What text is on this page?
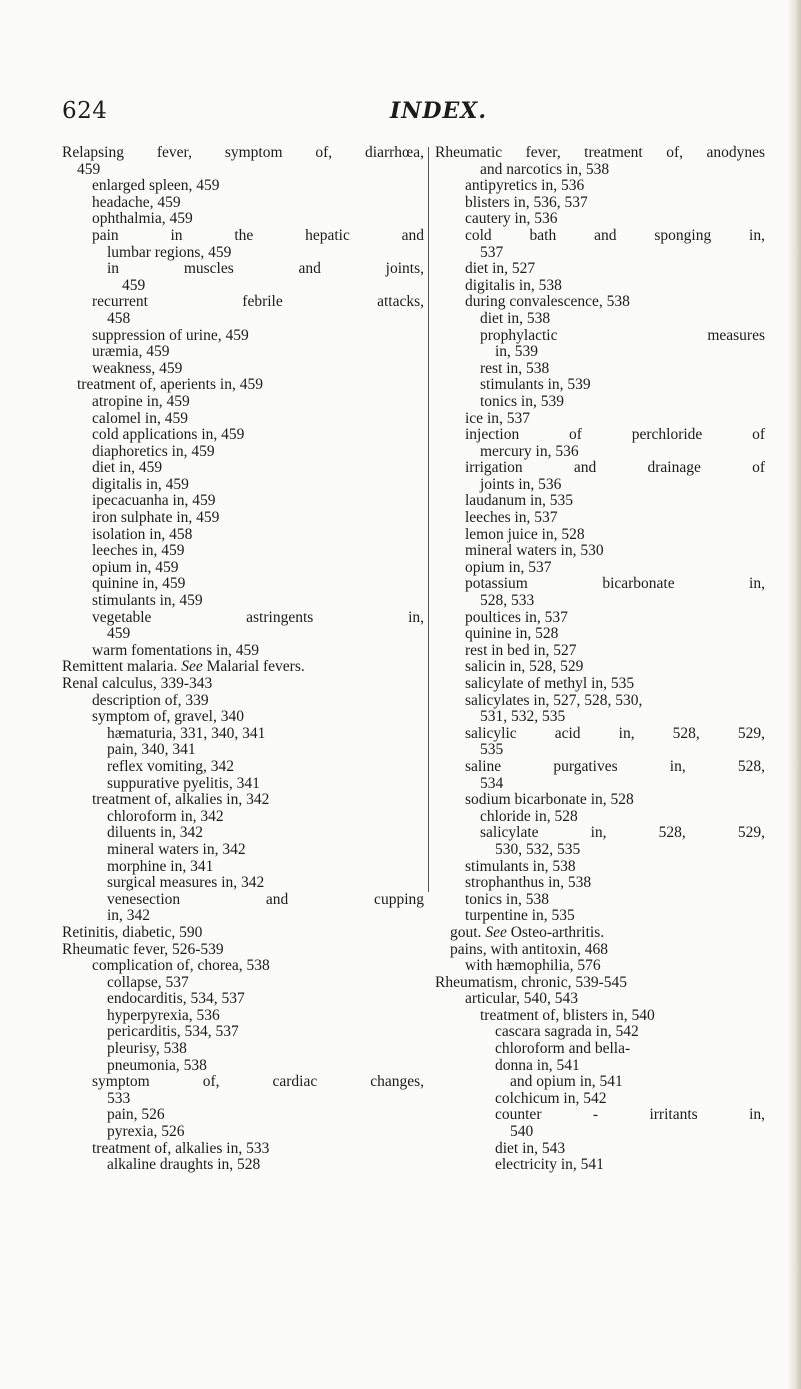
624	INDEX.
Relapsing fever, symptom of, diarrhœa,
459
enlarged spleen, 459
headache, 459
ophthalmia, 459
pain in the hepatic and
lumbar regions, 459
in muscles and joints,
459
recurrent febrile attacks,
458
suppression of urine, 459
uræmia, 459
weakness, 459
treatment of, aperients in, 459
atropine in, 459
calomel in, 459
cold applications in, 459
diaphoretics in, 459
diet in, 459
digitalis in, 459
ipecacuanha in, 459
iron sulphate in, 459
isolation in, 458
leeches in, 459
opium in, 459
quinine in, 459
stimulants in, 459
vegetable astringents in,
459
warm fomentations in, 459
Remittent malaria. See Malarial fevers.
Renal calculus, 339-343
description of, 339
symptom of, gravel, 340
hæmaturia, 331, 340, 341
pain, 340, 341
reflex vomiting, 342
suppurative pyelitis, 341
treatment of, alkalies in, 342
chloroform in, 342
diluents in, 342
mineral waters in, 342
morphine in, 341
surgical measures in, 342
venesection and cupping
in, 342
Retinitis, diabetic, 590
Rheumatic fever, 526-539
complication of, chorea, 538
collapse, 537
endocarditis, 534, 537
hyperpyrexia, 536
pericarditis, 534, 537
pleurisy, 538
pneumonia, 538
symptom of, cardiac changes,
533
pain, 526
pyrexia, 526
treatment of, alkalies in, 533
alkaline draughts in, 528
Rheumatic fever, treatment of, anodynes
and narcotics in, 538
antipyretics in, 536
blisters in, 536, 537
cautery in, 536
cold bath and sponging in,
537
diet in, 527
digitalis in, 538
during convalescence, 538
diet in, 538
prophylactic measures
in, 539
rest in, 538
stimulants in, 539
tonics in, 539
ice in, 537
injection of perchloride of
mercury in, 536
irrigation and drainage of
joints in, 536
laudanum in, 535
leeches in, 537
lemon juice in, 528
mineral waters in, 530
opium in, 537
potassium bicarbonate in,
528, 533
poultices in, 537
quinine in, 528
rest in bed in, 527
salicin in, 528, 529
salicylate of methyl in, 535
salicylates in, 527, 528, 530,
531, 532, 535
salicylic acid in, 528, 529,
535
saline purgatives in, 528,
534
sodium bicarbonate in, 528
chloride in, 528
salicylate in, 528, 529,
530, 532, 535
stimulants in, 538
strophanthus in, 538
tonics in, 538
turpentine in, 535
gout. See Osteo-arthritis.
pains, with antitoxin, 468
with hæmophilia, 576
Rheumatism, chronic, 539-545
articular, 540, 543
treatment of, blisters in, 540
cascara sagrada in, 542
chloroform and bella-
donna in, 541
and opium in, 541
colchicum in, 542
counter - irritants in,
540
diet in, 543
electricity in, 541
